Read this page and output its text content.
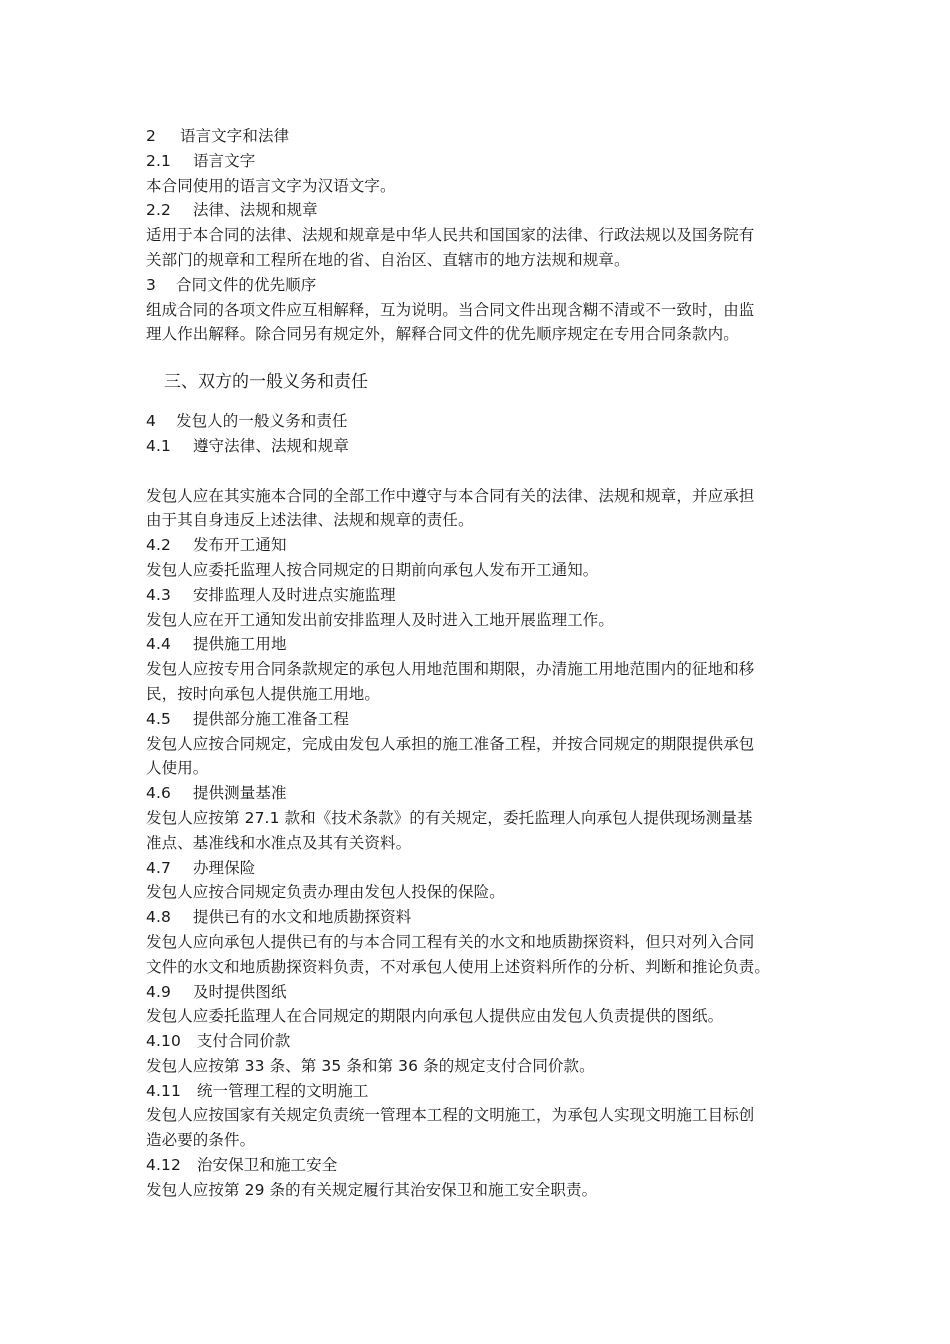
2 语言文字和法律
2.1 语言文字
本合同使用的语言文字为汉语文字。
2.2 法律、法规和规章
适用于本合同的法律、法规和规章是中华人民共和国国家的法律、行政法规以及国务院有
关部门的规章和工程所在地的省、自治区、直辖市的地方法规和规章。
3 合同文件的优先顺序
组成合同的各项文件应互相解释，互为说明。当合同文件出现含糊不清或不一致时，由监
理人作出解释。除合同另有规定外，解释合同文件的优先顺序规定在专用合同条款内。
三、双方的一般义务和责任
4 发包人的一般义务和责任
4.1 遵守法律、法规和规章
发包人应在其实施本合同的全部工作中遵守与本合同有关的法律、法规和规章，并应承担
由于其自身违反上述法律、法规和规章的责任。
4.2 发布开工通知
发包人应委托监理人按合同规定的日期前向承包人发布开工通知。
4.3 安排监理人及时进点实施监理
发包人应在开工通知发出前安排监理人及时进入工地开展监理工作。
4.4 提供施工用地
发包人应按专用合同条款规定的承包人用地范围和期限，办清施工用地范围内的征地和移
民，按时向承包人提供施工用地。
4.5 提供部分施工准备工程
发包人应按合同规定，完成由发包人承担的施工准备工程，并按合同规定的期限提供承包
人使用。
4.6 提供测量基准
发包人应按第 27.1 款和《技术条款》的有关规定，委托监理人向承包人提供现场测量基
准点、基准线和水准点及其有关资料。
4.7 办理保险
发包人应按合同规定负责办理由发包人投保的保险。
4.8 提供已有的水文和地质勘探资料
发包人应向承包人提供已有的与本合同工程有关的水文和地质勘探资料，但只对列入合同
文件的水文和地质勘探资料负责，不对承包人使用上述资料所作的分析、判断和推论负责。
4.9 及时提供图纸
发包人应委托监理人在合同规定的期限内向承包人提供应由发包人负责提供的图纸。
4.10 支付合同价款
发包人应按第 33 条、第 35 条和第 36 条的规定支付合同价款。
4.11 统一管理工程的文明施工
发包人应按国家有关规定负责统一管理本工程的文明施工，为承包人实现文明施工目标创
造必要的条件。
4.12 治安保卫和施工安全
发包人应按第 29 条的有关规定履行其治安保卫和施工安全职责。
